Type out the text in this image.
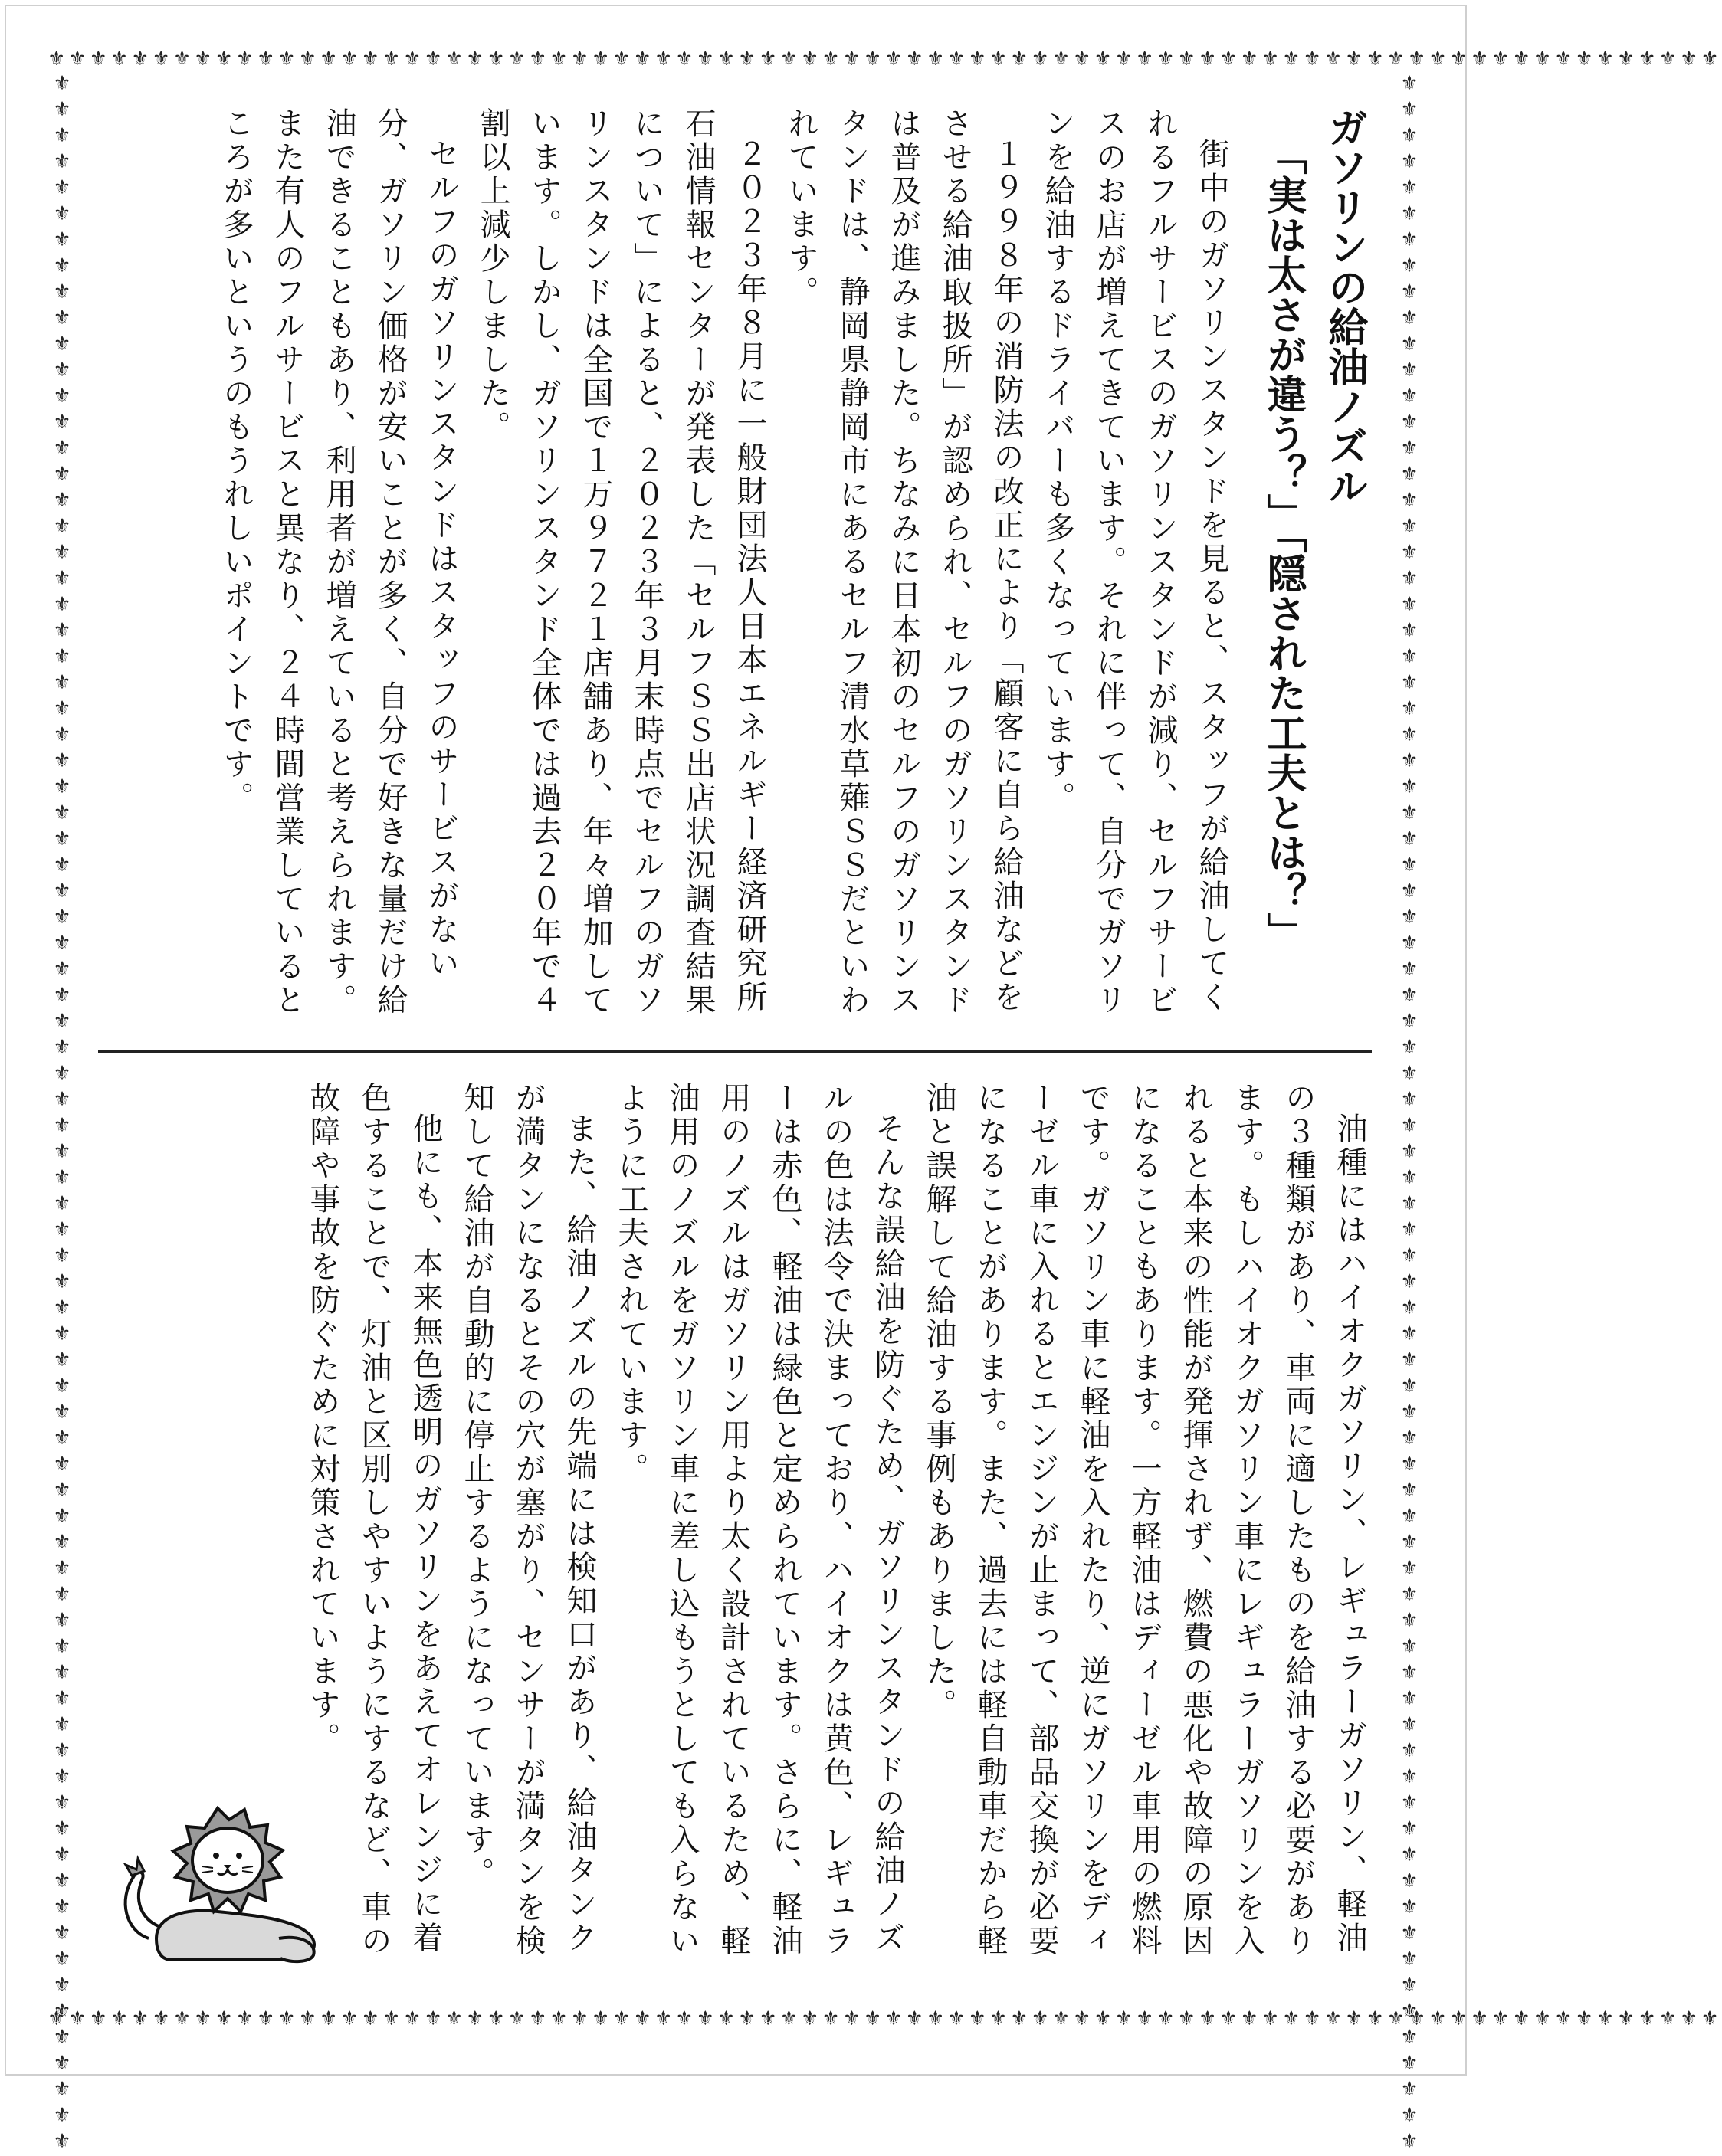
⚜⚜⚜⚜⚜⚜⚜⚜⚜⚜⚜⚜⚜⚜⚜⚜⚜⚜⚜⚜⚜⚜⚜⚜⚜⚜⚜⚜⚜⚜⚜⚜⚜⚜⚜⚜⚜⚜⚜⚜⚜⚜⚜⚜⚜⚜⚜⚜⚜⚜⚜⚜⚜⚜⚜⚜⚜⚜⚜⚜⚜⚜⚜⚜⚜⚜⚜⚜⚜⚜⚜⚜⚜⚜⚜⚜⚜⚜⚜⚜
⚜⚜⚜⚜⚜⚜⚜⚜⚜⚜⚜⚜⚜⚜⚜⚜⚜⚜⚜⚜⚜⚜⚜⚜⚜⚜⚜⚜⚜⚜⚜⚜⚜⚜⚜⚜⚜⚜⚜⚜⚜⚜⚜⚜⚜⚜⚜⚜⚜⚜⚜⚜⚜⚜⚜⚜⚜⚜⚜⚜⚜⚜⚜⚜⚜⚜⚜⚜⚜⚜⚜⚜⚜⚜⚜⚜⚜⚜⚜⚜
⚜⚜⚜⚜⚜⚜⚜⚜⚜⚜⚜⚜⚜⚜⚜⚜⚜⚜⚜⚜⚜⚜⚜⚜⚜⚜⚜⚜⚜⚜⚜⚜⚜⚜⚜⚜⚜⚜⚜⚜⚜⚜⚜⚜⚜⚜⚜⚜⚜⚜⚜⚜⚜⚜⚜⚜⚜⚜⚜⚜⚜⚜⚜⚜⚜⚜⚜⚜⚜⚜⚜⚜⚜⚜⚜⚜⚜⚜⚜⚜	⚜⚜⚜⚜⚜⚜⚜⚜⚜⚜⚜⚜⚜⚜⚜⚜⚜⚜⚜⚜⚜⚜⚜⚜⚜⚜⚜⚜⚜⚜⚜⚜⚜⚜⚜⚜⚜⚜⚜⚜⚜⚜⚜⚜⚜⚜⚜⚜⚜⚜⚜⚜⚜⚜⚜⚜⚜⚜⚜⚜⚜⚜⚜⚜⚜⚜⚜⚜⚜⚜⚜⚜⚜⚜⚜⚜⚜⚜⚜⚜
ガソリンの給油ノズル
「実は太さが違う？」「隠された工夫とは？」

街中のガソリンスタンドを見ると、スタッフが給油してくれるフルサービスのガソリンスタンドが減り、セルフサービスのお店が増えてきています。それに伴って、自分でガソリンを給油するドライバーも多くなっています。

１９９８年の消防法の改正により「顧客に自ら給油などをさせる給油取扱所」が認められ、セルフのガソリンスタンドは普及が進みました。ちなみに日本初のセルフのガソリンスタンドは、静岡県静岡市にあるセルフ清水草薙ＳＳだといわれています。

２０２３年８月に一般財団法人日本エネルギー経済研究所石油情報センターが発表した「セルフＳＳ出店状況調査結果について」によると、２０２３年３月末時点でセルフのガソリンスタンドは全国で１万９７２１店舗あり、年々増加しています。しかし、ガソリンスタンド全体では過去２０年で４割以上減少しました。

セルフのガソリンスタンドはスタッフのサービスがない分、ガソリン価格が安いことが多く、自分で好きな量だけ給油できることもあり、利用者が増えていると考えられます。また有人のフルサービスと異なり、２４時間営業しているところが多いというのもうれしいポイントです。

油種にはハイオクガソリン、レギュラーガソリン、軽油の３種類があり、車両に適したものを給油する必要があります。もしハイオクガソリン車にレギュラーガソリンを入れると本来の性能が発揮されず、燃費の悪化や故障の原因になることもあります。一方軽油はディーゼル車用の燃料です。ガソリン車に軽油を入れたり、逆にガソリンをディーゼル車に入れるとエンジンが止まって、部品交換が必要になることがあります。また、過去には軽自動車だから軽油と誤解して給油する事例もありました。

そんな誤給油を防ぐため、ガソリンスタンドの給油ノズルの色は法令で決まっており、ハイオクは黄色、レギュラーは赤色、軽油は緑色と定められています。さらに、軽油用のノズルはガソリン用より太く設計されているため、軽油用のノズルをガソリン車に差し込もうとしても入らないように工夫されています。

また、給油ノズルの先端には検知口があり、給油タンクが満タンになるとその穴が塞がり、センサーが満タンを検知して給油が自動的に停止するようになっています。

他にも、本来無色透明のガソリンをあえてオレンジに着色することで、灯油と区別しやすいようにするなど、車の故障や事故を防ぐために対策されています。
